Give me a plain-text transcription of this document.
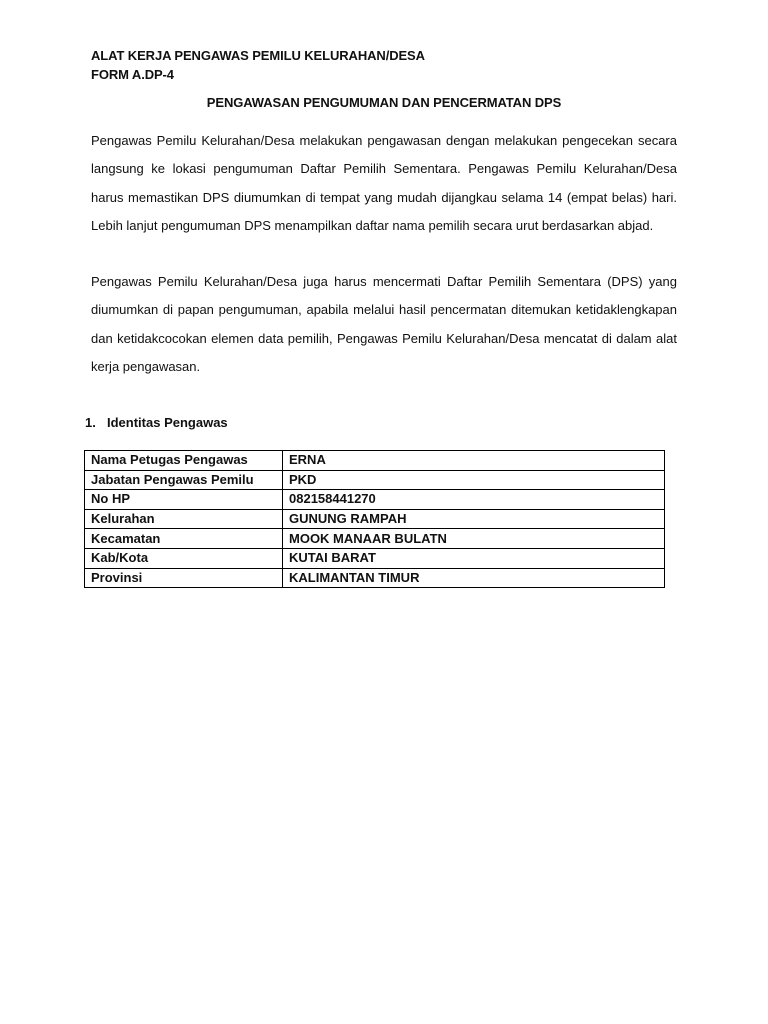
ALAT KERJA PENGAWAS PEMILU KELURAHAN/DESA
FORM A.DP-4
PENGAWASAN PENGUMUMAN DAN PENCERMATAN DPS

Pengawas Pemilu Kelurahan/Desa melakukan pengawasan dengan melakukan pengecekan secara langsung ke lokasi pengumuman Daftar Pemilih Sementara. Pengawas Pemilu Kelurahan/Desa harus memastikan DPS diumumkan di tempat yang mudah dijangkau selama 14 (empat belas) hari. Lebih lanjut pengumuman DPS menampilkan daftar nama pemilih secara urut berdasarkan abjad.

Pengawas Pemilu Kelurahan/Desa juga harus mencermati Daftar Pemilih Sementara (DPS) yang diumumkan di papan pengumuman, apabila melalui hasil pencermatan ditemukan ketidaklengkapan dan ketidakcocokan elemen data pemilih, Pengawas Pemilu Kelurahan/Desa mencatat di dalam alat kerja pengawasan.

1. Identitas Pengawas
Nama Petugas Pengawas	ERNA
Jabatan Pengawas Pemilu	PKD
No HP	082158441270
Kelurahan	GUNUNG RAMPAH
Kecamatan	MOOK MANAAR BULATN
Kab/Kota	KUTAI BARAT
Provinsi	KALIMANTAN TIMUR
